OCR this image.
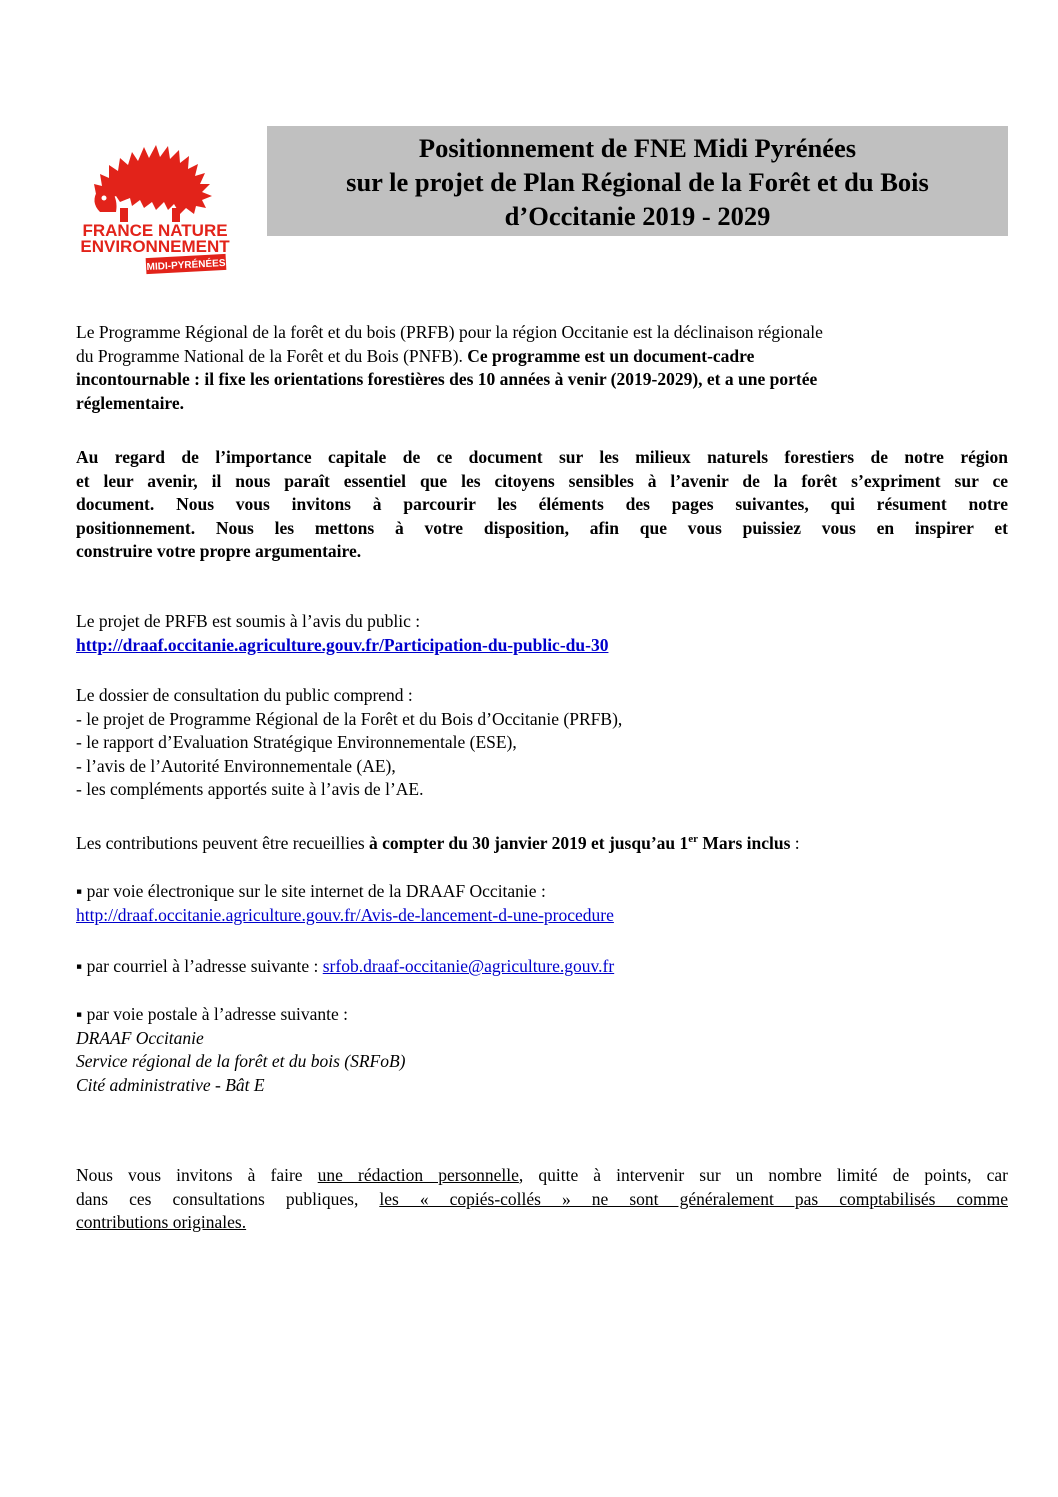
FRANCE NATURE
ENVIRONNEMENT
MIDI-PYRÉNÉES
Positionnement de FNE Midi Pyrénées
sur le projet de Plan Régional de la Forêt et du Bois
d’Occitanie 2019 - 2029
Le Programme Régional de la forêt et du bois (PRFB) pour la région Occitanie est la déclinaison régionale
du Programme National de la Forêt et du Bois (PNFB). Ce programme est un document-cadre
incontournable : il fixe les orientations forestières des 10 années à venir (2019-2029), et a une portée
réglementaire.
Au regard de l’importance capitale de ce document sur les milieux naturels forestiers de notre région
et leur avenir, il nous paraît essentiel que les citoyens sensibles à l’avenir de la forêt s’expriment sur ce
document. Nous vous invitons à parcourir les éléments des pages suivantes, qui résument notre
positionnement. Nous les mettons à votre disposition, afin que vous puissiez vous en inspirer et
construire votre propre argumentaire.
Le projet de PRFB est soumis à l’avis du public :
http://draaf.occitanie.agriculture.gouv.fr/Participation-du-public-du-30
Le dossier de consultation du public comprend :
- le projet de Programme Régional de la Forêt et du Bois d’Occitanie (PRFB),
- le rapport d’Evaluation Stratégique Environnementale (ESE),
- l’avis de l’Autorité Environnementale (AE),
- les compléments apportés suite à l’avis de l’AE.
Les contributions peuvent être recueillies à compter du 30 janvier 2019 et jusqu’au 1er Mars inclus :
▪ par voie électronique sur le site internet de la DRAAF Occitanie :
http://draaf.occitanie.agriculture.gouv.fr/Avis-de-lancement-d-une-procedure
▪ par courriel à l’adresse suivante : srfob.draaf-occitanie@agriculture.gouv.fr
▪ par voie postale à l’adresse suivante :
DRAAF Occitanie
Service régional de la forêt et du bois (SRFoB)
Cité administrative - Bât E
Nous vous invitons à faire une rédaction personnelle, quitte à intervenir sur un nombre limité de points, car
dans ces consultations publiques, les « copiés-collés » ne sont généralement pas comptabilisés comme
contributions originales.
